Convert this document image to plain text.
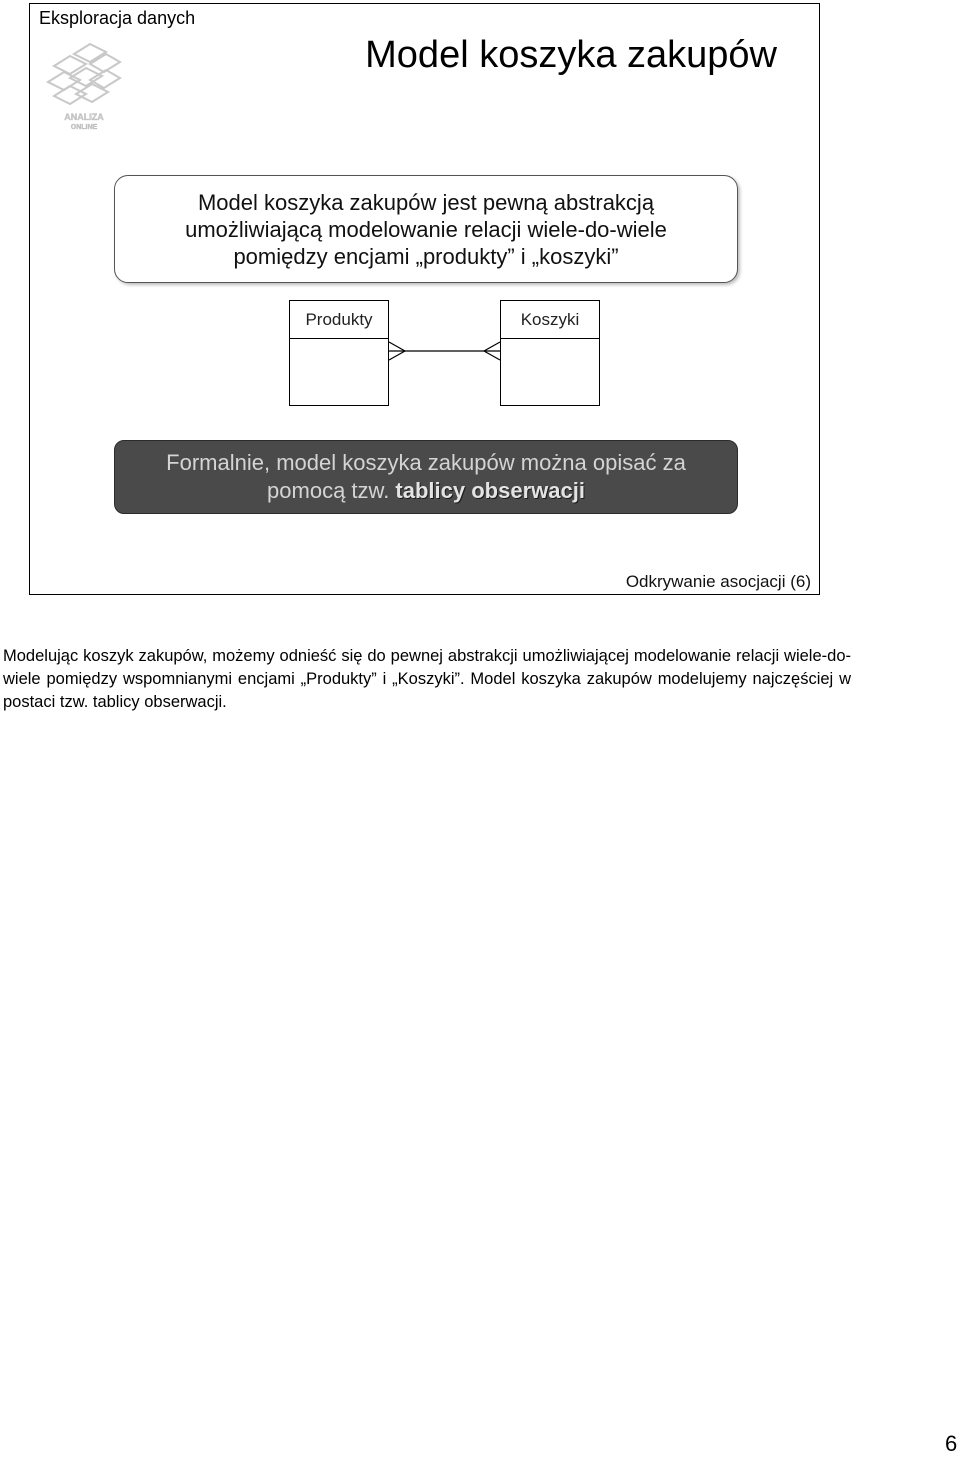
Eksploracja danych
ANALIZA
ONLINE
Model koszyka zakupów
Model koszyka zakupów jest pewną abstrakcją
umożliwiającą modelowanie relacji wiele-do-wiele
pomiędzy encjami „produkty” i „koszyki”
Produkty	Koszyki
Formalnie, model koszyka zakupów można opisać za
pomocą tzw. tablicy obserwacji
Odkrywanie asocjacji (6)
Modelując koszyk zakupów, możemy odnieść się do pewnej abstrakcji umożliwiającej modelowanie relacji wiele-do-wiele pomiędzy wspomnianymi encjami „Produkty” i „Koszyki”. Model koszyka zakupów modelujemy najczęściej w postaci tzw. tablicy obserwacji.
6
